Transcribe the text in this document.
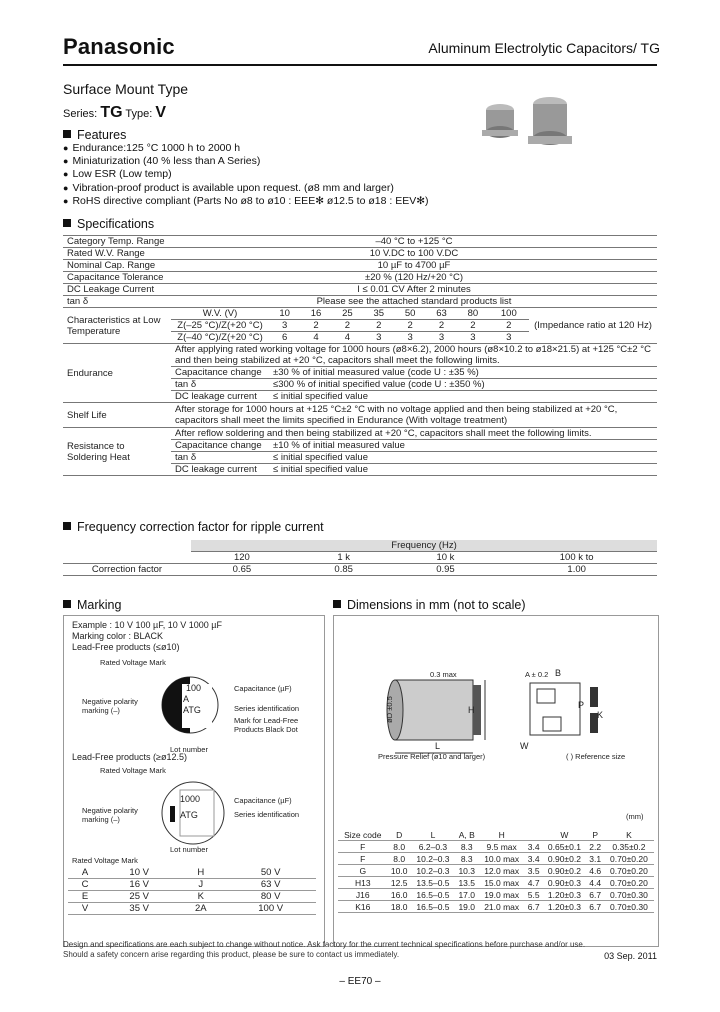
Panasonic	Aluminum Electrolytic Capacitors/ TG
Surface Mount Type
Series: TG Type: V
Features
● Endurance:125 °C 1000 h to 2000 h
● Miniaturization (40 % less than A Series)
● Low ESR (Low temp)
● Vibration-proof product is available upon request. (ø8 mm and larger)
● RoHS directive compliant (Parts No ø8 to ø10 : EEE✻ ø12.5 to ø18 : EEV✻)
Specifications
Category Temp. Range	–40 °C to +125 °C									
Rated W.V. Range	10 V.DC to 100 V.DC									
Nominal Cap. Range	10 µF to 4700 µF									
Capacitance Tolerance	±20 % (120 Hz/+20 °C)									
DC Leakage Current	I ≤ 0.01 CV After 2 minutes									
tan δ	Please see the attached standard products list									
Characteristics at Low Temperature	W.V. (V)	10	16	25	35	50	63	80	100	(Impedance ratio at 120 Hz)
	Z(–25 °C)/Z(+20 °C)	3	2	2	2	2	2	2	2	
	Z(–40 °C)/Z(+20 °C)	6	4	4	3	3	3	3	3	
Endurance	After applying rated working voltage for 1000 hours (ø8×6.2), 2000 hours (ø8×10.2 to ø18×21.5) at +125 °C±2 °C and then being stabilized at +20 °C, capacitors shall meet the following limits.									
	Capacitance change	±30 % of initial measured value (code U : ±35 %)								
	tan δ	≤300 % of initial specified value (code U : ±350 %)								
	DC leakage current	≤ initial specified value								
Shelf Life	After storage for 1000 hours at +125 °C±2 °C with no voltage applied and then being stabilized at +20 °C, capacitors shall meet the limits specified in Endurance (With voltage treatment)									
Resistance to Soldering Heat	After reflow soldering and then being stabilized at +20 °C, capacitors shall meet the following limits.									
	Capacitance change	±10 % of initial measured value								
	tan δ	≤ initial specified value								
	DC leakage current	≤ initial specified value								
Frequency correction factor for ripple current
	Frequency (Hz)			
	120	1 k	10 k	100 k to
Correction factor	0.65	0.85	0.95	1.00
Marking
Example : 10 V 100 µF, 10 V 1000 µF
Marking color : BLACK
Lead-Free products (≤ø10)
Rated Voltage Mark
100
A
ATG
Negative polarity marking (–)
Capacitance (µF)
Series identification
Mark for Lead-Free Products Black Dot
Lot number
Lead-Free products (≥ø12.5)
Rated Voltage Mark
1000
ATG
Negative polarity marking (–)
Capacitance (µF)
Series identification
Lot number
Rated Voltage Mark
A	10 V	H	50 V
C	16 V	J	63 V
E	25 V	K	80 V
V	35 V	2A	100 V
Dimensions in mm (not to scale)
0.3 max
øD ±0.5	H
L
A ± 0.2 B
W
P
K
Pressure Relief (ø10 and larger)	( ) Reference size
(mm)
Size code	D	L	A, B	H		W	P	K
F	8.0	6.2–0.3	8.3	9.5 max	3.4	0.65±0.1	2.2	0.35±0.2
F	8.0	10.2–0.3	8.3	10.0 max	3.4	0.90±0.2	3.1	0.70±0.20
G	10.0	10.2–0.3	10.3	12.0 max	3.5	0.90±0.2	4.6	0.70±0.20
H13	12.5	13.5–0.5	13.5	15.0 max	4.7	0.90±0.3	4.4	0.70±0.20
J16	16.0	16.5–0.5	17.0	19.0 max	5.5	1.20±0.3	6.7	0.70±0.30
K16	18.0	16.5–0.5	19.0	21.0 max	6.7	1.20±0.3	6.7	0.70±0.30
Design and specifications are each subject to change without notice. Ask factory for the current technical specifications before purchase and/or use.
Should a safety concern arise regarding this product, please be sure to contact us immediately.	03 Sep. 2011
– EE70 –
